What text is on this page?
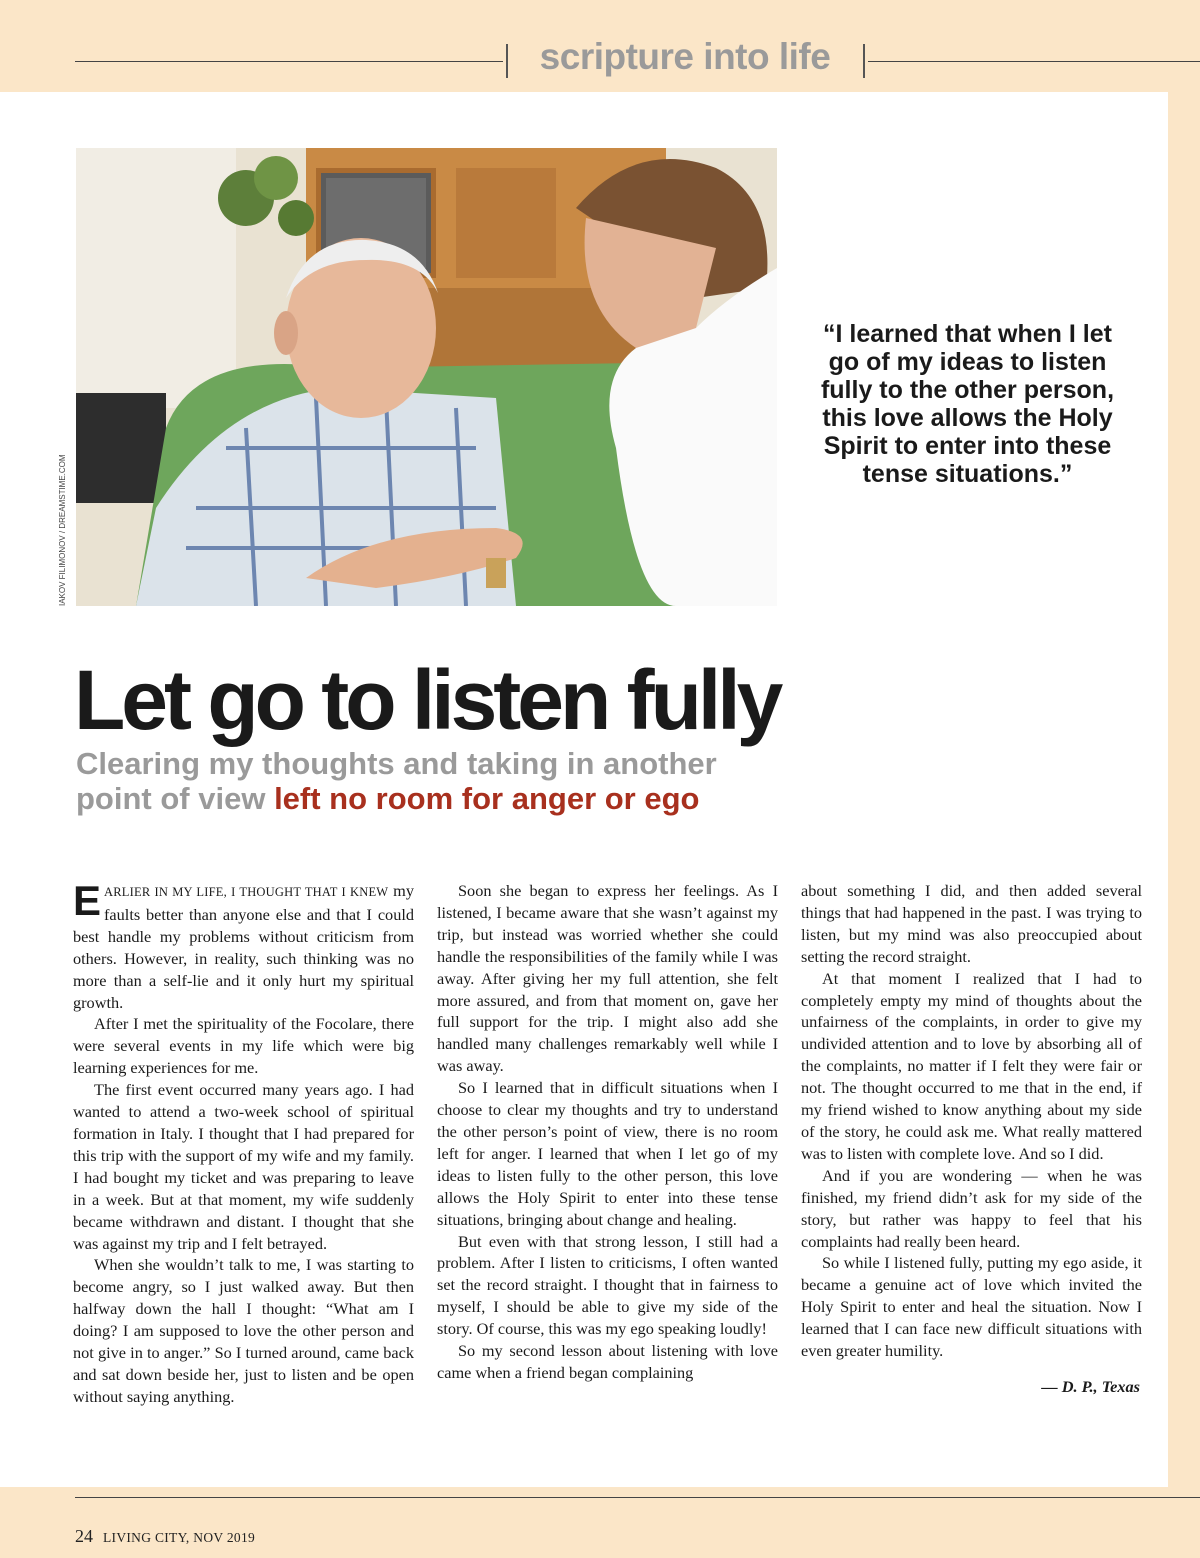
scripture into life
IAKOV FILIMONOV / DREAMSTIME.COM
“I learned that when I let go of my ideas to listen fully to the other person, this love allows the Holy Spirit to enter into these tense situations.”
Let go to listen fully
Clearing my thoughts and taking in another point of view left no room for anger or ego

EARLIER IN MY LIFE, I THOUGHT THAT I KNEW my faults better than anyone else and that I could best handle my problems without criticism from others. However, in reality, such thinking was no more than a self-lie and it only hurt my spiritual growth.

After I met the spirituality of the Focolare, there were several events in my life which were big learning experiences for me.

The first event occurred many years ago. I had wanted to attend a two-week school of spiritual formation in Italy. I thought that I had prepared for this trip with the support of my wife and my family. I had bought my ticket and was preparing to leave in a week. But at that moment, my wife suddenly became withdrawn and distant. I thought that she was against my trip and I felt betrayed.

When she wouldn’t talk to me, I was starting to become angry, so I just walked away. But then halfway down the hall I thought: “What am I doing? I am supposed to love the other person and not give in to anger.” So I turned around, came back and sat down beside her, just to listen and be open without saying anything.

Soon she began to express her feelings. As I listened, I became aware that she wasn’t against my trip, but instead was worried whether she could handle the responsibilities of the family while I was away. After giving her my full attention, she felt more assured, and from that moment on, gave her full support for the trip. I might also add she handled many challenges remarkably well while I was away.

So I learned that in difficult situations when I choose to clear my thoughts and try to understand the other person’s point of view, there is no room left for anger. I learned that when I let go of my ideas to listen fully to the other person, this love allows the Holy Spirit to enter into these tense situations, bringing about change and healing.

But even with that strong lesson, I still had a problem. After I listen to criticisms, I often wanted set the record straight. I thought that in fairness to myself, I should be able to give my side of the story. Of course, this was my ego speaking loudly!

So my second lesson about listening with love came when a friend began complaining

about something I did, and then added several things that had happened in the past. I was trying to listen, but my mind was also preoccupied about setting the record straight.

At that moment I realized that I had to completely empty my mind of thoughts about the unfairness of the complaints, in order to give my undivided attention and to love by absorbing all of the complaints, no matter if I felt they were fair or not. The thought occurred to me that in the end, if my friend wished to know anything about my side of the story, he could ask me. What really mattered was to listen with complete love. And so I did.

And if you are wondering — when he was finished, my friend didn’t ask for my side of the story, but rather was happy to feel that his complaints had really been heard.

So while I listened fully, putting my ego aside, it became a genuine act of love which invited the Holy Spirit to enter and heal the situation. Now I learned that I can face new difficult situations with even greater humility.

— D. P., Texas
24 LIVING CITY, NOV 2019
